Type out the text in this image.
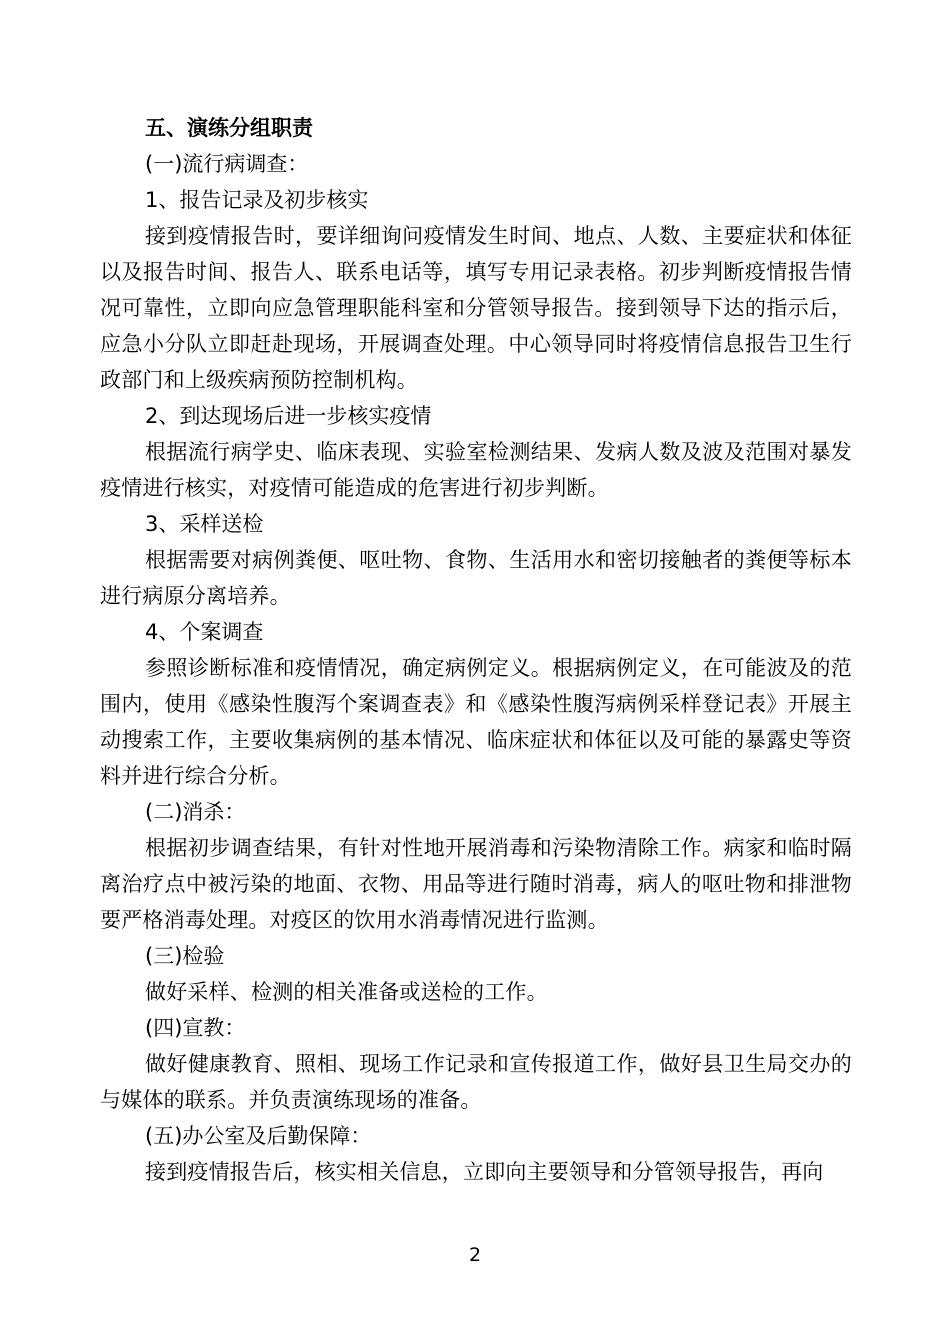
五、演练分组职责

(一)流行病调查：

1、报告记录及初步核实

接到疫情报告时，要详细询问疫情发生时间、地点、人数、主要症状和体征以及报告时间、报告人、联系电话等，填写专用记录表格。初步判断疫情报告情况可靠性，立即向应急管理职能科室和分管领导报告。接到领导下达的指示后，应急小分队立即赶赴现场，开展调查处理。中心领导同时将疫情信息报告卫生行政部门和上级疾病预防控制机构。

2、到达现场后进一步核实疫情

根据流行病学史、临床表现、实验室检测结果、发病人数及波及范围对暴发疫情进行核实，对疫情可能造成的危害进行初步判断。

3、采样送检

根据需要对病例粪便、呕吐物、食物、生活用水和密切接触者的粪便等标本进行病原分离培养。

4、个案调查

参照诊断标准和疫情情况，确定病例定义。根据病例定义，在可能波及的范围内，使用《感染性腹泻个案调查表》和《感染性腹泻病例采样登记表》开展主动搜索工作，主要收集病例的基本情况、临床症状和体征以及可能的暴露史等资料并进行综合分析。

(二)消杀：

根据初步调查结果，有针对性地开展消毒和污染物清除工作。病家和临时隔离治疗点中被污染的地面、衣物、用品等进行随时消毒，病人的呕吐物和排泄物要严格消毒处理。对疫区的饮用水消毒情况进行监测。

(三)检验

做好采样、检测的相关准备或送检的工作。

(四)宣教：

做好健康教育、照相、现场工作记录和宣传报道工作，做好县卫生局交办的与媒体的联系。并负责演练现场的准备。

(五)办公室及后勤保障：

接到疫情报告后，核实相关信息，立即向主要领导和分管领导报告，再向

2
